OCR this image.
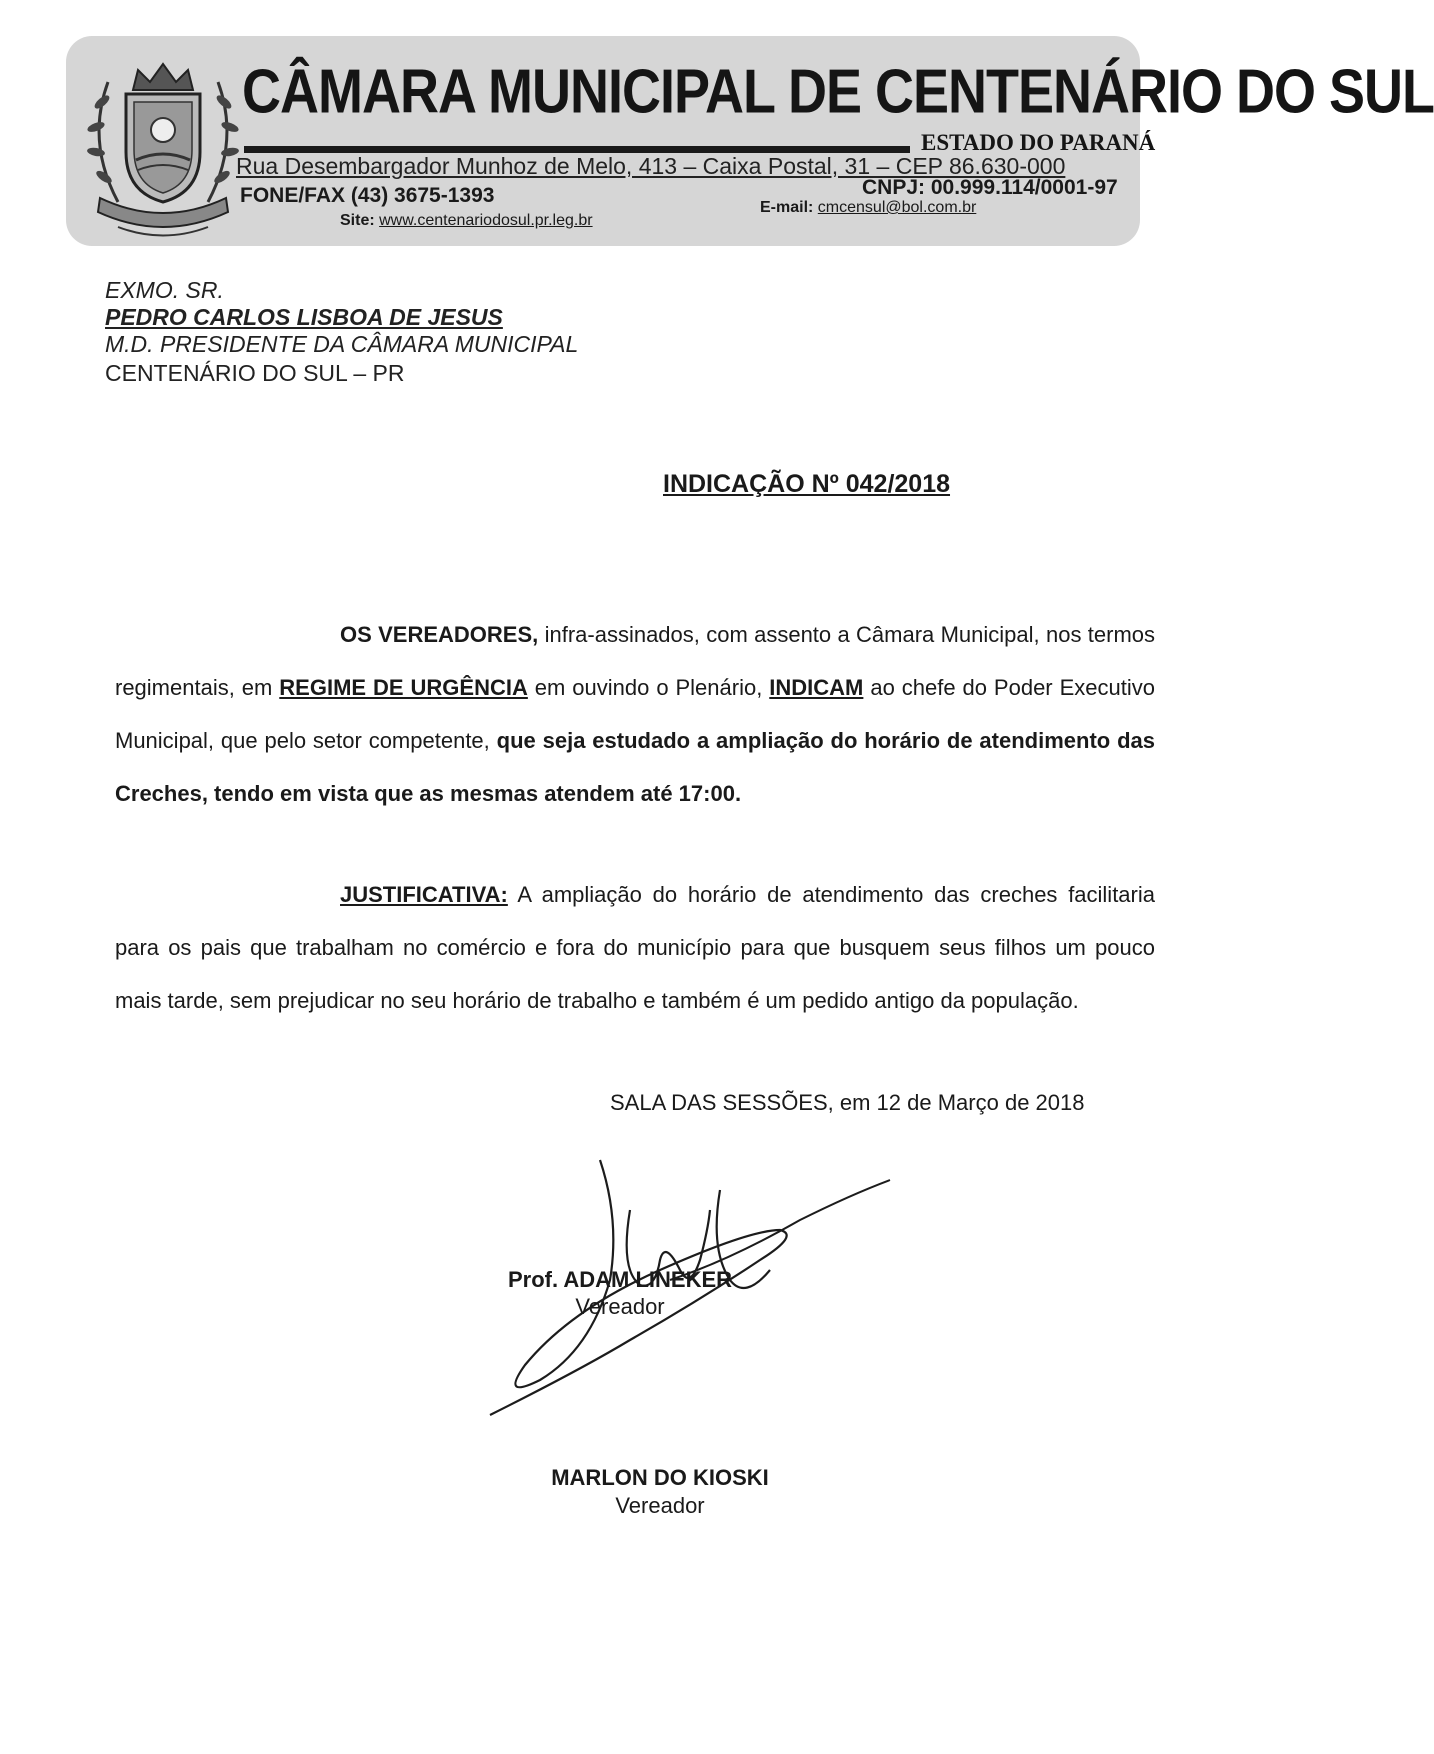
CÂMARA MUNICIPAL DE CENTENÁRIO DO SUL
ESTADO DO PARANÁ
Rua Desembargador Munhoz de Melo, 413 – Caixa Postal, 31 – CEP 86.630-000
FONE/FAX (43) 3675-1393	CNPJ: 00.999.114/0001-97
Site: www.centenariodosul.pr.leg.br
E-mail: cmcensul@bol.com.br
EXMO. SR.
PEDRO CARLOS LISBOA DE JESUS
M.D. PRESIDENTE DA CÂMARA MUNICIPAL
CENTENÁRIO DO SUL – PR
INDICAÇÃO Nº 042/2018
OS VEREADORES, infra-assinados, com assento a Câmara Municipal, nos termos regimentais, em REGIME DE URGÊNCIA em ouvindo o Plenário, INDICAM ao chefe do Poder Executivo Municipal, que pelo setor competente, que seja estudado a ampliação do horário de atendimento das Creches, tendo em vista que as mesmas atendem até 17:00.
JUSTIFICATIVA: A ampliação do horário de atendimento das creches facilitaria para os pais que trabalham no comércio e fora do município para que busquem seus filhos um pouco mais tarde, sem prejudicar no seu horário de trabalho e também é um pedido antigo da população.
SALA DAS SESSÕES, em 12 de Março de 2018
Prof. ADAM LINEKER
Vereador
MARLON DO KIOSKI
Vereador
